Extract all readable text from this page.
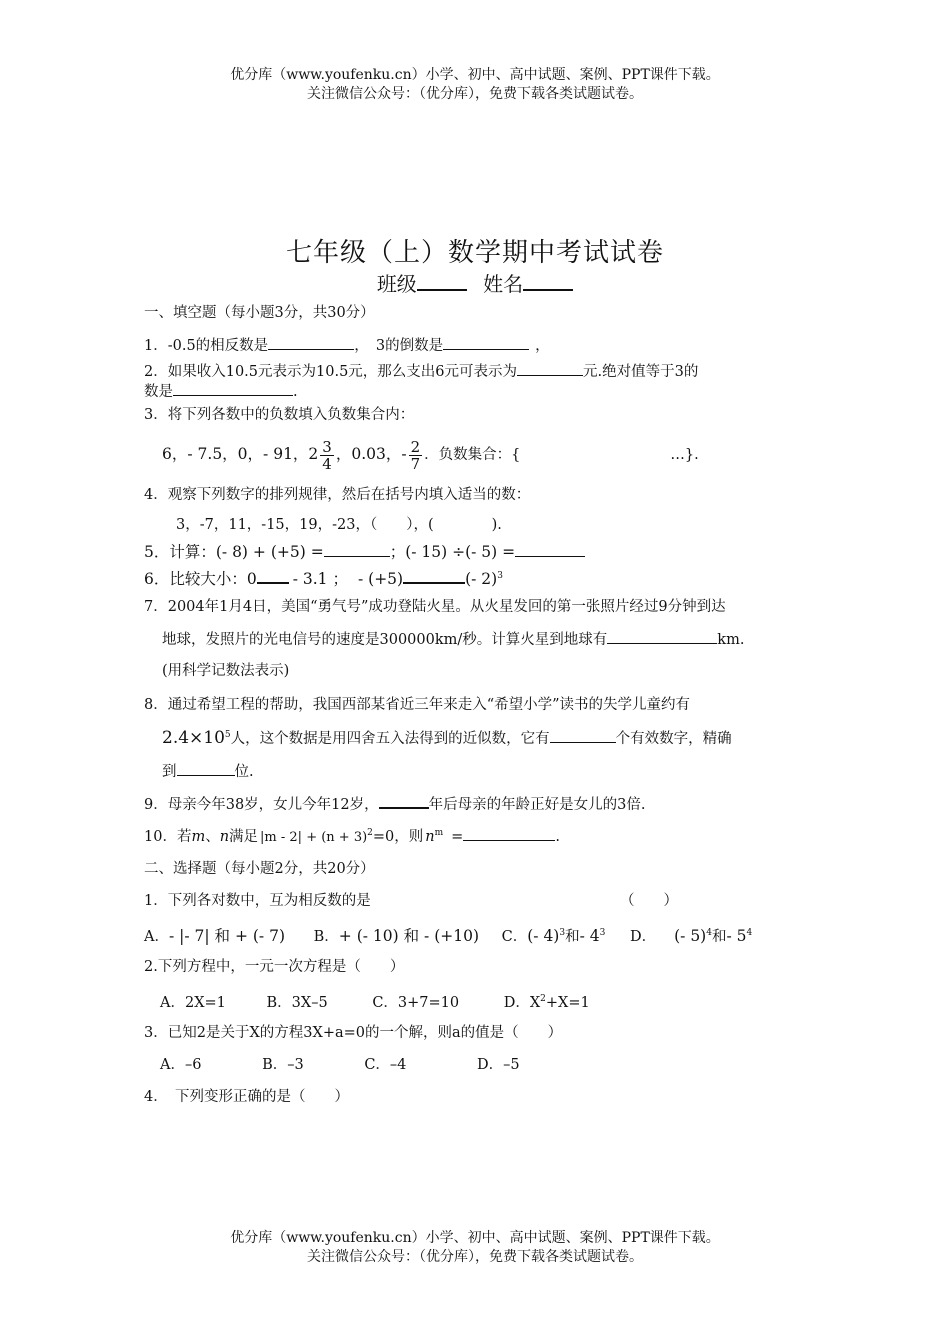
优分库（www.youfenku.cn）小学、初中、高中试题、案例、PPT课件下载。
关注微信公众号：（优分库），免费下载各类试题试卷。
七年级（上）数学期中考试试卷
班级	姓名
一、填空题（每小题3分，共30分）
1．-0.5的相反数是	，　3的倒数是	，
2．如果收入10.5元表示为10.5元，那么支出6元可表示为	元.绝对值等于3的
数是	.
3．将下列各数中的负数填入负数集合内：
6，- 7.5，0，- 91，$2 \frac{3}{4}$ ，0.03，- $\frac{2}{7}$ ．负数集合：{	…}.
4．观察下列数字的排列规律，然后在括号内填入适当的数：
3，-7，11，-15，19，-23，（　　），(　　　　).
5．计算：(- 8) + (+5) =	；(- 15) ÷(- 5) =
6．比较大小：0 - 3.1 ； - (+5)	(- 2)$^3$
7．2004年1月4日，美国“勇气号”成功登陆火星。从火星发回的第一张照片经过9分钟到达
地球，发照片的光电信号的速度是300000km/秒。计算火星到地球有	km.
(用科学记数法表示)
8．通过希望工程的帮助，我国西部某省近三年来走入“希望小学”读书的失学儿童约有
$2.4\times 10^5$人，这个数据是用四舍五入法得到的近似数，它有	个有效数字，精确
到	位.
9．母亲今年38岁，女儿今年12岁，	年后母亲的年龄正好是女儿的3倍.
10．若m、n满足 $|m - 2| + (n + 3)^2=0$，则 $n^m$ =	.
二、选择题（每小题2分，共20分）
1．下列各对数中，互为相反数的是	（　　）
A．- |- 7| 和 + (- 7) B．+ (- 10) 和 - (+10) C．(- 4)$^3$和- $4^3$ D． (- 5)$^4$和- $5^4$
2.下列方程中，一元一次方程是（　　）
A．2X=1	B．3X–5	C．3+7=10	D．$X^2+X=1$
3．已知2是关于X的方程3X+a=0的一个解，则a的值是（　　）
A．–6	B．–3	C．–4	D．–5
4．　下列变形正确的是（　　）
优分库（www.youfenku.cn）小学、初中、高中试题、案例、PPT课件下载。
关注微信公众号：（优分库），免费下载各类试题试卷。
